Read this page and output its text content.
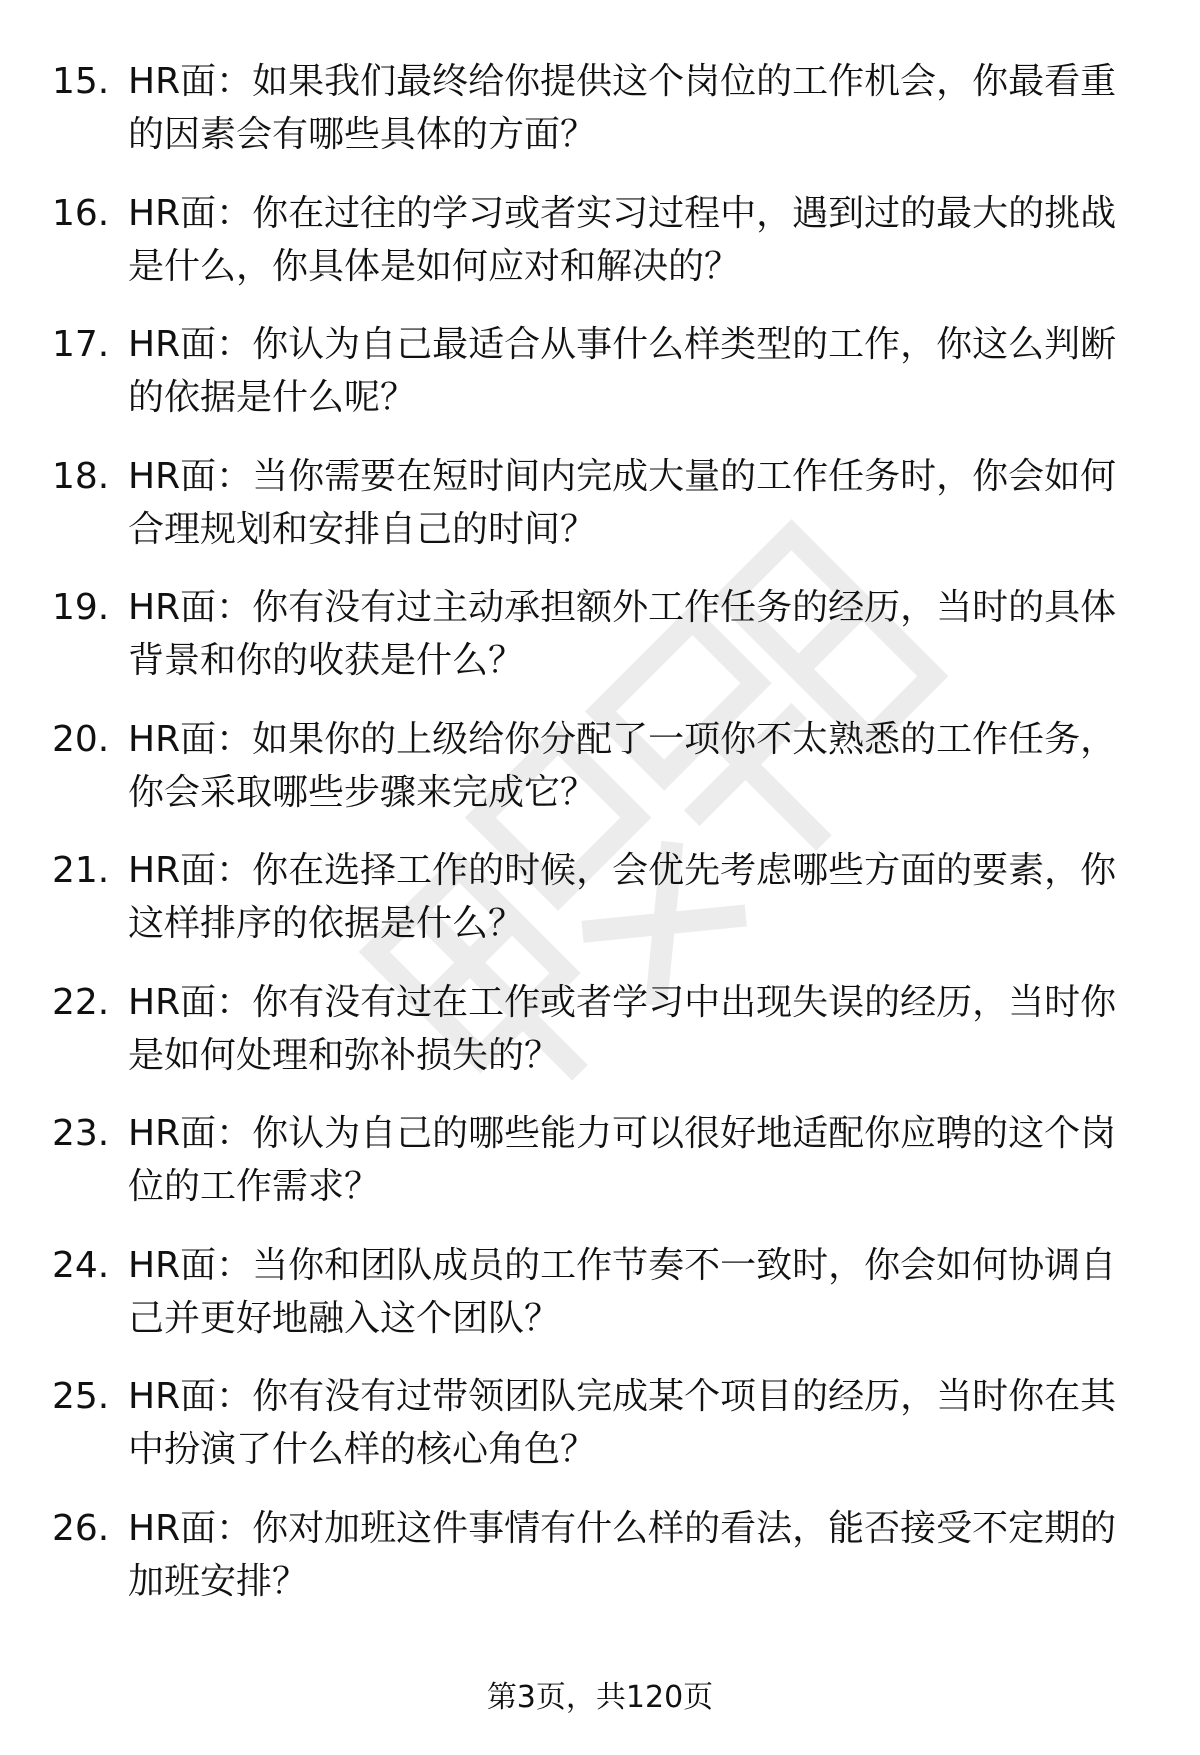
15. HR面：如果我们最终给你提供这个岗位的工作机会，你最看重的因素会有哪些具体的方面？
16. HR面：你在过往的学习或者实习过程中，遇到过的最大的挑战是什么，你具体是如何应对和解决的？
17. HR面：你认为自己最适合从事什么样类型的工作，你这么判断的依据是什么呢？
18. HR面：当你需要在短时间内完成大量的工作任务时，你会如何合理规划和安排自己的时间？
19. HR面：你有没有过主动承担额外工作任务的经历，当时的具体背景和你的收获是什么？
20. HR面：如果你的上级给你分配了一项你不太熟悉的工作任务，你会采取哪些步骤来完成它？
21. HR面：你在选择工作的时候，会优先考虑哪些方面的要素，你这样排序的依据是什么？
22. HR面：你有没有过在工作或者学习中出现失误的经历，当时你是如何处理和弥补损失的？
23. HR面：你认为自己的哪些能力可以很好地适配你应聘的这个岗位的工作需求？
24. HR面：当你和团队成员的工作节奏不一致时，你会如何协调自己并更好地融入这个团队？
25. HR面：你有没有过带领团队完成某个项目的经历，当时你在其中扮演了什么样的核心角色？
26. HR面：你对加班这件事情有什么样的看法，能否接受不定期的加班安排？
第3页，共120页
